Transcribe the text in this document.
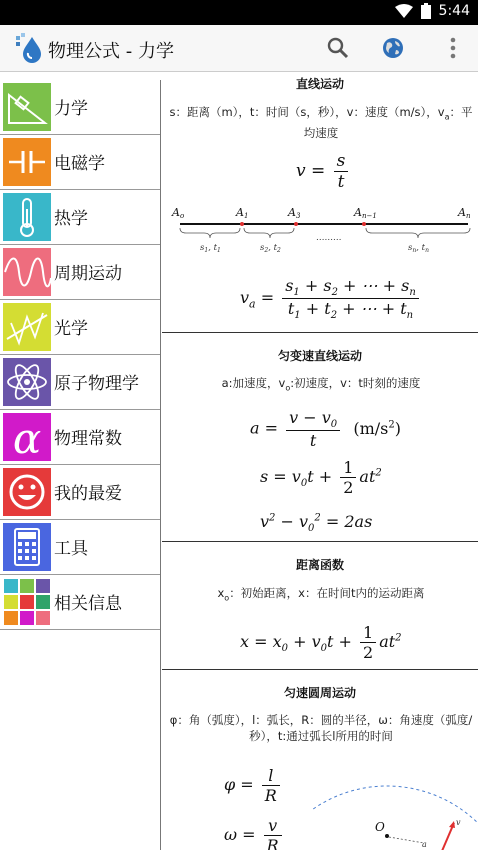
5:44
物理公式 - 力学
力学
电磁学
热学
周期运动
光学
原子物理学
α 物理常数
我的最爱
工具
相关信息
直线运动
s：距离（m），t：时间（s，秒），v：速度（m/s），$v_a$：平均速度
$v = \frac{s}{t}$
Ao	A1	A3	An−1	An
$s_1$, $t_1$	$s_2$, $t_2$
………
$s_n$, $t_n$
$v_a = \frac{s_1 + s_2 + \cdots + s_n}{t_1 + t_2 + \cdots + t_n}$
匀变速直线运动
a:加速度，$v_o$:初速度，v：t时刻的速度
$a = \frac{v - v_0}{t} (m/s^2)$
$s = v_0t + \frac{1}{2} at^2$
$v^2 - v_0^2 = 2as$
距离函数
$x_o$：初始距离，x：在时间t内的运动距离
$x = x_0 + v_0t + \frac{1}{2} at^2$
匀速圆周运动
φ：角（弧度），l：弧长，R：圆的半径，ω：角速度（弧度/秒），t:通过弧长l所用的时间
$\varphi = \frac{l}{R}$
$\omega = \frac{v}{R}$	O
a
v
